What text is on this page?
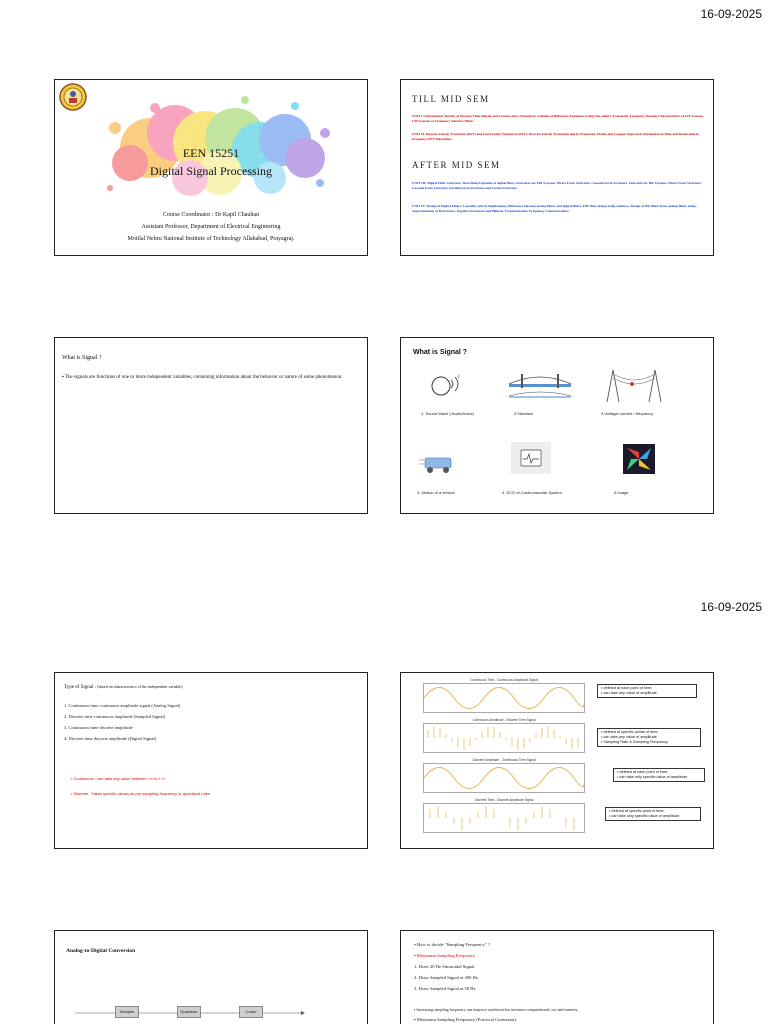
16-09-2025
16-09-2025
EEN 15251
Digital Signal Processing
Course Coordinator : Dr Kapil Chauhan
Assistant Professor, Department of Electrical Engineering
Motilal Nehru National Institute of Technology Allahabad, Prayagraj.
TILL MID SEM
UNIT I: Introduction: Review of Discrete Time Signals and Systems and z-Transform, Solution of Difference Equations Using One-sided z-Transform, Frequency Domain Characteristics of LTI Systems, LTI Systems as Frequency Selective Filters.
UNIT II: Discrete Fourier Transform (DFT) and Fast Fourier Transform (FFT): Discrete Fourier Transform and its Properties, Divide and Conquer Approach, Decimation in Time and Decimation in Frequency FFT Algorithms.
AFTER MID SEM
UNIT III: Digital Filter Structure: Describing Equation of digital filter, Structures for FIR Systems: Direct Form Structure, Cascade Form Structure, Structure for IIR Systems: Direct Form Structure, Cascade Form Structure, Parallel Form Structure and Lattice Structure.
UNIT IV: Design of Digital Filters: Causality and its Implications, Difference between analog filters and digital filters, FIR filter design using windows, Design of IIR filters from analog filters using: Approximation of Derivatives, Impulse Invariance and Bilinear Transformation, Frequency transformations.
What is Signal ?
▪ The signals are functions of one or more independent variables, containing information about the behavior or nature of some phenomenon.
What is Signal ?
♪
1. Sound Wave ( Audio/Voice)	2.Vibration	3.Voltage/ current / frequency
3. Motion of a vehicle	4. ECG of Cardiovascular System	5.Image
Type of Signal : (based on characteristics of the independent variable)
1. Continuous time continuous amplitude signal (Analog Signal)
2. Discrete time continuous amplitude (Sampled Signal)
3. Continuous time discrete amplitude
4. Discrete time discrete amplitude (Digital Signal)
• Continuous : can take any value between −∞ to + ∞
• Discrete : Takes specific values as per sampling frequency or quantised rules
Continuous Time - Continuous Amplitude Signal
Continuous Amplitude - Discrete Time Signal
Discrete Amplitude - Continuous Time Signal
Discrete Time - Discrete Amplitude Signal
• defined at each point of time;
• can take any value of amplitude
• defined at specific points of time;
• can take any value of amplitude
• Sampling Rate & Sampling Frequency
• defined at each point of time;
• can take only specific value of amplitude
• defined at specific point of time;
• can take only specific value of amplitude
Analog-to-Digital Conversion
Sampler	Quantizer	Coder
▪ How to decide "Sampling Frequency" ?
▪ Maximum Sampling Frequency
1. Draw 20 Hz Sinusoidal Signal
2. Draw Sampled Signal at 400 Hz
3. Draw Sampled Signal at 50 Hz
▪ Increasing sampling frequency can improve resolution but increases computational cost and memory
▪ Maximum Sampling Frequency (Practical Constraint):
